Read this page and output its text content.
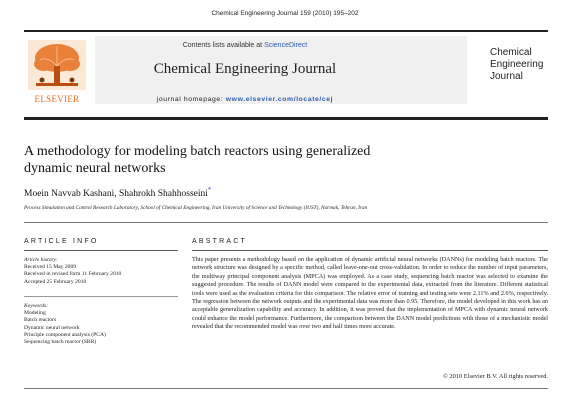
Chemical Engineering Journal 159 (2010) 195–202
ELSEVIER
Contents lists available at ScienceDirect
Chemical Engineering Journal
journal homepage: www.elsevier.com/locate/cej
Chemical
Engineering
Journal
A methodology for modeling batch reactors using generalized
dynamic neural networks
Moein Navvab Kashani, Shahrokh Shahhosseini*
Process Simulation and Control Research Laboratory, School of Chemical Engineering, Iran University of Science and Technology (IUST), Narmak, Tehran, Iran
ARTICLE INFO	ABSTRACT
Article history:
Received 15 May 2009
Received in revised form 11 February 2010
Accepted 25 February 2010
Keywords:
Modeling
Batch reactors
Dynamic neural network
Principle component analysis (PCA)
Sequencing batch reactor (SBR)
This paper presents a methodology based on the application of dynamic artificial neural networks (DANNs) for modeling batch reactors. The network structure was designed by a specific method, called leave-one-out cross-validation. In order to reduce the number of input parameters, the multiway principal component analysis (MPCA) was employed. As a case study, sequencing batch reactor was selected to examine the suggested procedure. The results of DANN model were compared to the experimental data, extracted from the literature. Different statistical tools were used as the evaluation criteria for this comparison. The relative error of training and testing sets were 2.11% and 2.6%, respectively. The regression between the network outputs and the experimental data was more than 0.95. Therefore, the model developed in this work has an acceptable generalization capability and accuracy. In addition, it was proved that the implementation of MPCA with dynamic neural network could enhance the model performance. Furthermore, the comparison between the DANN model predictions with those of a mechanistic model revealed that the recommended model was over two and half times more accurate.
© 2010 Elsevier B.V. All rights reserved.
